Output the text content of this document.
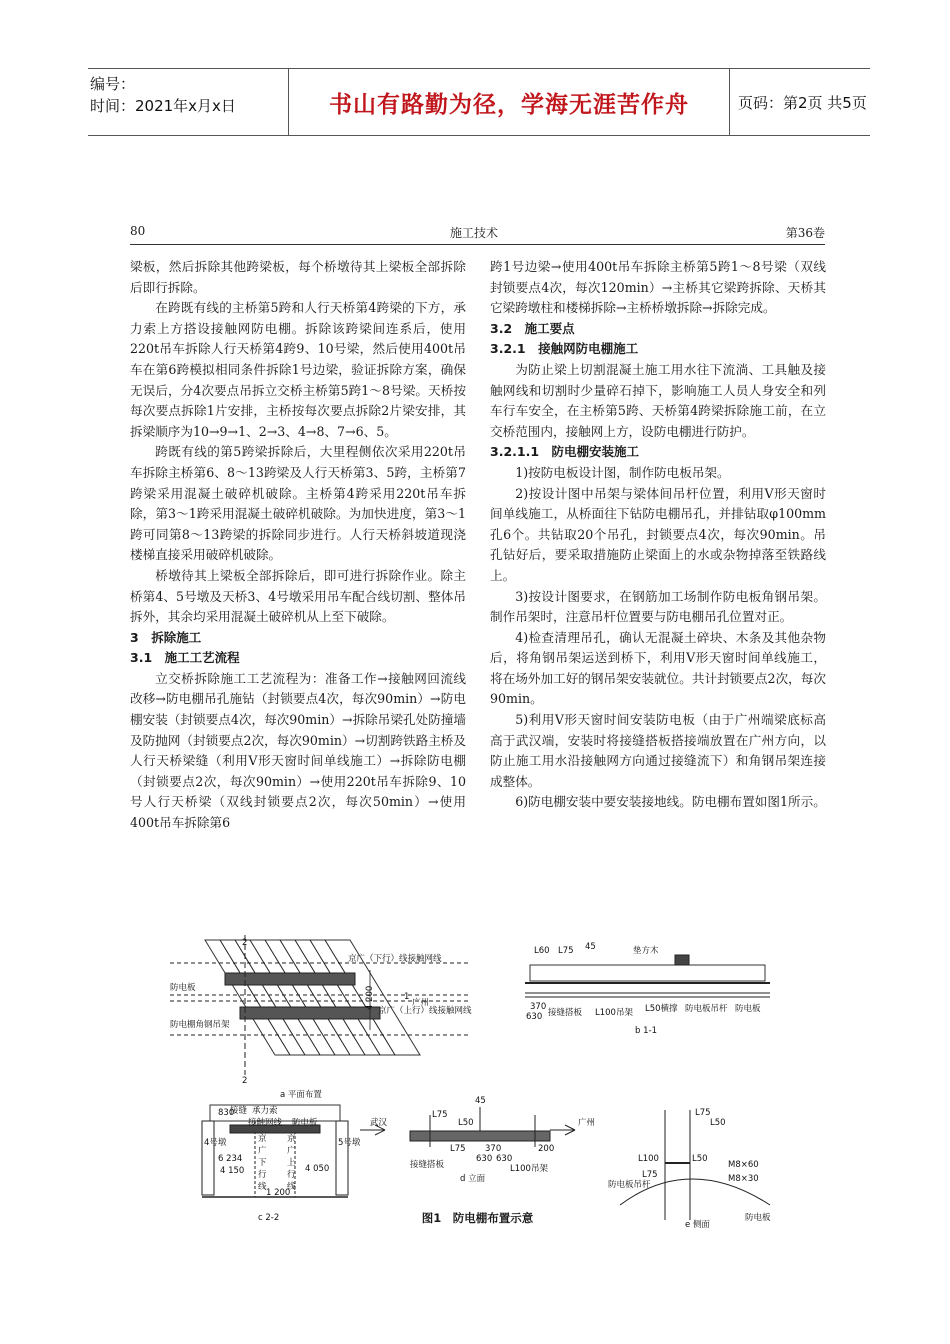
编号：
时间：2021年x月x日	书山有路勤为径，学海无涯苦作舟	页码：第2页 共5页
80	施工技术	第36卷

梁板，然后拆除其他跨梁板，每个桥墩待其上梁板全部拆除后即行拆除。

在跨既有线的主桥第5跨和人行天桥第4跨梁的下方，承力索上方搭设接触网防电棚。拆除该跨梁间连系后，使用220t吊车拆除人行天桥第4跨9、10号梁，然后使用400t吊车在第6跨模拟相同条件拆除1号边梁，验证拆除方案，确保无误后，分4次要点吊拆立交桥主桥第5跨1～8号梁。天桥按每次要点拆除1片安排，主桥按每次要点拆除2片梁安排，其拆梁顺序为10→9→1、2→3、4→8、7→6、5。

跨既有线的第5跨梁拆除后，大里程侧依次采用220t吊车拆除主桥第6、8～13跨梁及人行天桥第3、5跨，主桥第7跨梁采用混凝土破碎机破除。主桥第4跨采用220t吊车拆除，第3～1跨采用混凝土破碎机破除。为加快进度，第3～1跨可同第8～13跨梁的拆除同步进行。人行天桥斜坡道现浇楼梯直接采用破碎机破除。

桥墩待其上梁板全部拆除后，即可进行拆除作业。除主桥第4、5号墩及天桥3、4号墩采用吊车配合线切割、整体吊拆外，其余均采用混凝土破碎机从上至下破除。

3　拆除施工

3.1　施工工艺流程

立交桥拆除施工工艺流程为：准备工作→接触网回流线改移→防电棚吊孔施钻（封锁要点4次，每次90min）→防电棚安装（封锁要点4次，每次90min）→拆除吊梁孔处防撞墙及防抛网（封锁要点2次，每次90min）→切割跨铁路主桥及人行天桥梁缝（利用V形天窗时间单线施工）→拆除防电棚（封锁要点2次，每次90min）→使用220t吊车拆除9、10号人行天桥梁（双线封锁要点2次，每次50min）→使用400t吊车拆除第6

跨1号边梁→使用400t吊车拆除主桥第5跨1～8号梁（双线封锁要点4次，每次120min）→主桥其它梁跨拆除、天桥其它梁跨墩柱和楼梯拆除→主桥桥墩拆除→拆除完成。

3.2　施工要点

3.2.1　接触网防电棚施工

为防止梁上切割混凝土施工用水往下流淌、工具触及接触网线和切割时少量碎石掉下，影响施工人员人身安全和列车行车安全，在主桥第5跨、天桥第4跨梁拆除施工前，在立交桥范围内，接触网上方，设防电棚进行防护。

3.2.1.1　防电棚安装施工

1)按防电板设计图，制作防电板吊架。

2)按设计图中吊架与梁体间吊杆位置，利用V形天窗时间单线施工，从桥面往下钻防电棚吊孔，并排钻取φ100mm孔6个。共钻取20个吊孔，封锁要点4次，每次90min。吊孔钻好后，要采取措施防止梁面上的水或杂物掉落至铁路线上。

3)按设计图要求，在钢筋加工场制作防电板角钢吊架。制作吊架时，注意吊杆位置要与防电棚吊孔位置对正。

4)检查清理吊孔，确认无混凝土碎块、木条及其他杂物后，将角钢吊架运送到桥下，利用V形天窗时间单线施工，将在场外加工好的钢吊架安装就位。共计封锁要点2次，每次90min。

5)利用V形天窗时间安装防电板（由于广州端梁底标高高于武汉端，安装时将接缝搭板搭接端放置在广州方向，以防止施工用水沿接触网方向通过接缝流下）和角钢吊架连接成整体。

6)防电棚安装中要安装接地线。防电棚布置如图1所示。

京广（下行）线接触网线
广州
防电板	4 200
京广（上行）线接触网线
防电棚角钢吊架
2
2
1
a 平面布置
L60 L75 45	垫方木
370
630 接缝搭板 L100吊架 L50横撑 防电板吊杆 防电板
b 1-1
接缝 承力索
接触网线 防电板
4号墩	5号墩
京
广
下
行
线
京
广
上
行
线
1 200
4 050
4 150
6 234
830
c 2-2
武汉	广州
L75
45
L50
L75 370
630 630
200
接缝搭板	L100吊架
d 立面
L75
L50
L100	L50
L75
M8×60
M8×30
防电板吊杆
防电板
e 侧面
图1　防电棚布置示意
